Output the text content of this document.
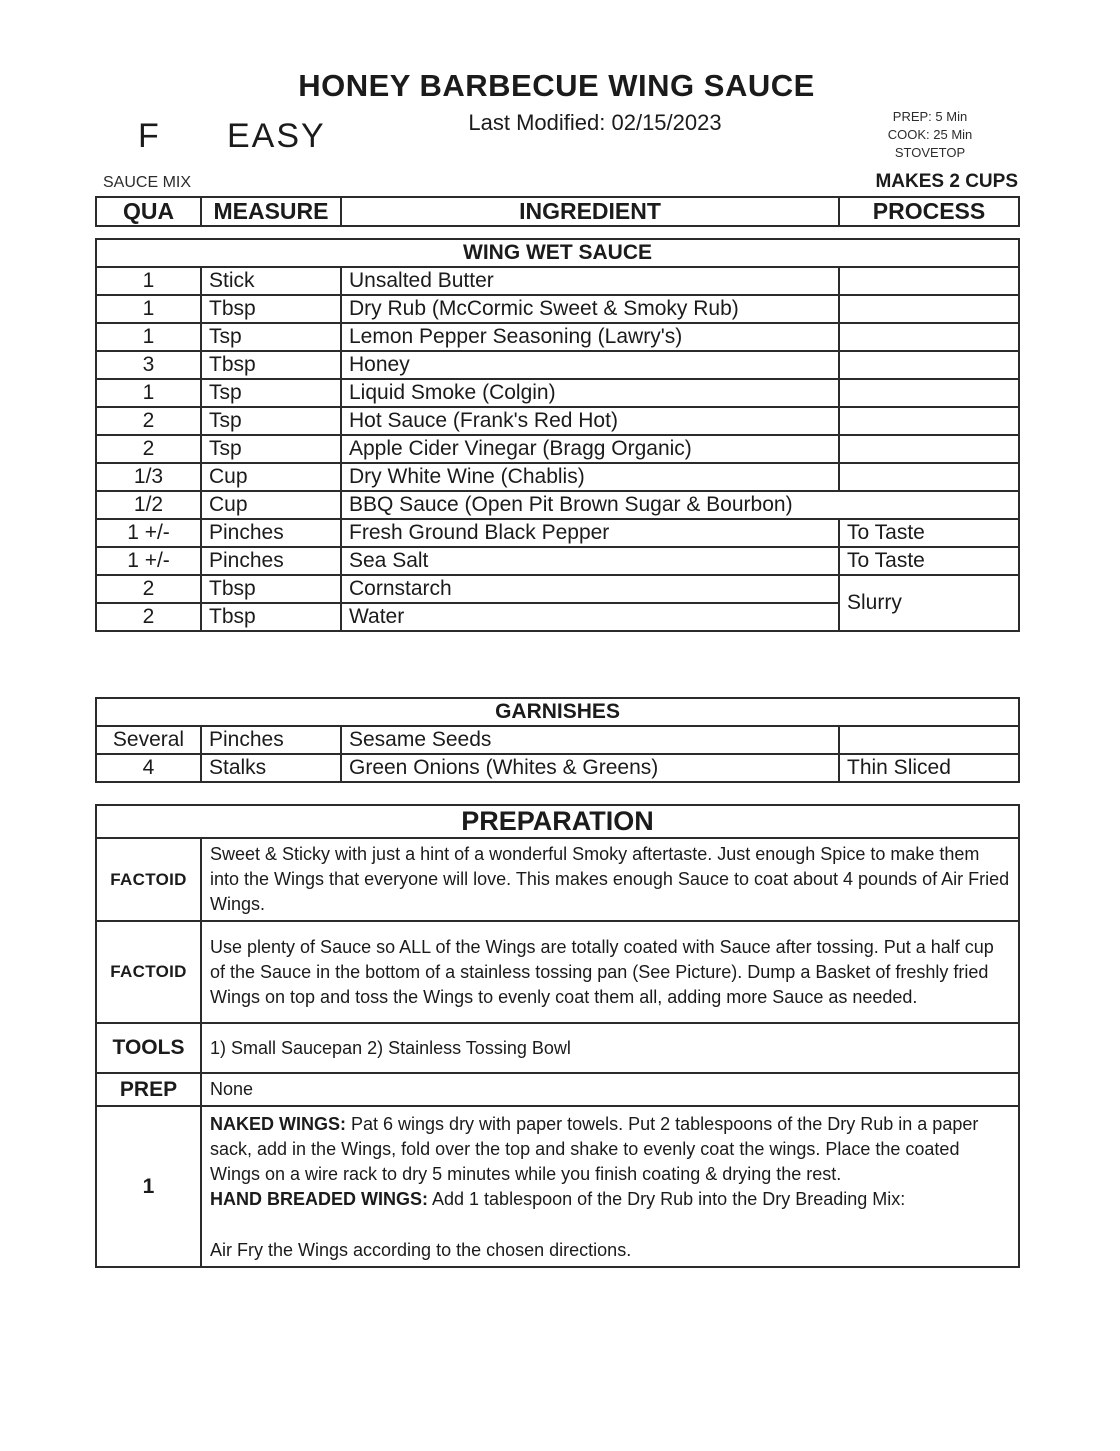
HONEY BARBECUE WING SAUCE
F EASY	Last Modified: 02/15/2023	PREP: 5 Min
COOK: 25 Min
STOVETOP
SAUCE MIX	MAKES 2 CUPS
QUA	MEASURE	INGREDIENT	PROCESS
WING WET SAUCE			
1	Stick	Unsalted Butter	
1	Tbsp	Dry Rub (McCormic Sweet & Smoky Rub)	
1	Tsp	Lemon Pepper Seasoning (Lawry's)	
3	Tbsp	Honey	
1	Tsp	Liquid Smoke (Colgin)	
2	Tsp	Hot Sauce (Frank's Red Hot)	
2	Tsp	Apple Cider Vinegar (Bragg Organic)	
1/3	Cup	Dry White Wine (Chablis)	
1/2	Cup	BBQ Sauce (Open Pit Brown Sugar & Bourbon)	
1 +/-	Pinches	Fresh Ground Black Pepper	To Taste
1 +/-	Pinches	Sea Salt	To Taste
2	Tbsp	Cornstarch	Slurry
2	Tbsp	Water	
GARNISHES			
Several	Pinches	Sesame Seeds	
4	Stalks	Green Onions (Whites & Greens)	Thin Sliced
PREPARATION	
FACTOID	Sweet & Sticky with just a hint of a wonderful Smoky aftertaste. Just enough Spice to make them into the Wings that everyone will love. This makes enough Sauce to coat about 4 pounds of Air Fried Wings.
FACTOID	Use plenty of Sauce so ALL of the Wings are totally coated with Sauce after tossing. Put a half cup of the Sauce in the bottom of a stainless tossing pan (See Picture). Dump a Basket of freshly fried Wings on top and toss the Wings to evenly coat them all, adding more Sauce as needed.
TOOLS	1) Small Saucepan 2) Stainless Tossing Bowl
PREP	None
1	NAKED WINGS: Pat 6 wings dry with paper towels. Put 2 tablespoons of the Dry Rub in a paper sack, add in the Wings, fold over the top and shake to evenly coat the wings. Place the coated Wings on a wire rack to dry 5 minutes while you finish coating & drying the rest.
HAND BREADED WINGS: Add 1 tablespoon of the Dry Rub into the Dry Breading Mix:
Air Fry the Wings according to the chosen directions.
